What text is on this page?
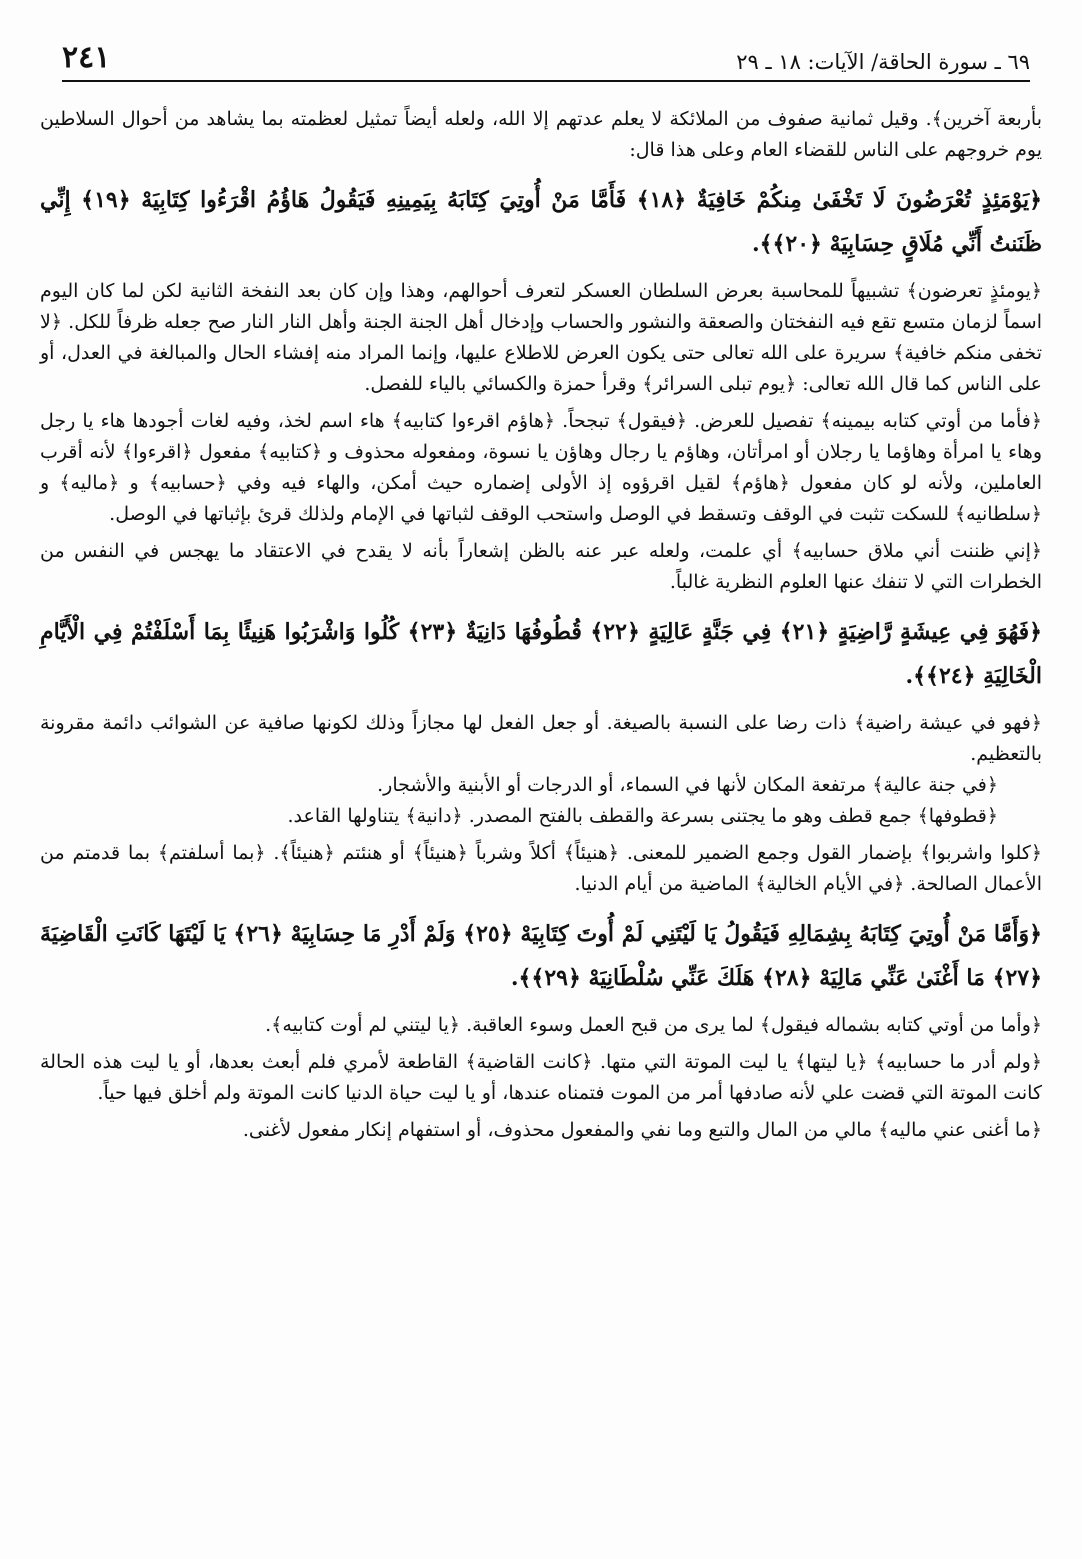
٦٩ ـ سورة الحاقة/ الآيات: ١٨ ـ ٢٩
٢٤١

بأربعة آخرين﴾. وقيل ثمانية صفوف من الملائكة لا يعلم عدتهم إلا الله، ولعله أيضاً تمثيل لعظمته بما يشاهد من أحوال السلاطين يوم خروجهم على الناس للقضاء العام وعلى هذا قال:

﴿يَوْمَئِذٍ تُعْرَضُونَ لَا تَخْفَىٰ مِنكُمْ خَافِيَةٌ ﴿١٨﴾ فَأَمَّا مَنْ أُوتِيَ كِتَابَهُ بِيَمِينِهِ فَيَقُولُ هَاؤُمُ اقْرَءُوا كِتَابِيَهْ ﴿١٩﴾ إِنِّي ظَنَنتُ أَنِّي مُلَاقٍ حِسَابِيَهْ ﴿٢٠﴾﴾.

﴿يومئذٍ تعرضون﴾ تشبيهاً للمحاسبة بعرض السلطان العسكر لتعرف أحوالهم، وهذا وإن كان بعد النفخة الثانية لكن لما كان اليوم اسماً لزمان متسع تقع فيه النفختان والصعقة والنشور والحساب وإدخال أهل الجنة الجنة وأهل النار النار صح جعله ظرفاً للكل. ﴿لا تخفى منكم خافية﴾ سريرة على الله تعالى حتى يكون العرض للاطلاع عليها، وإنما المراد منه إفشاء الحال والمبالغة في العدل، أو على الناس كما قال الله تعالى: ﴿يوم تبلى السرائر﴾ وقرأ حمزة والكسائي بالياء للفصل.

﴿فأما من أوتي كتابه بيمينه﴾ تفصيل للعرض. ﴿فيقول﴾ تبجحاً. ﴿هاؤم اقرءوا كتابيه﴾ هاء اسم لخذ، وفيه لغات أجودها هاء يا رجل وهاء يا امرأة وهاؤما يا رجلان أو امرأتان، وهاؤم يا رجال وهاؤن يا نسوة، ومفعوله محذوف و ﴿كتابيه﴾ مفعول ﴿اقرءوا﴾ لأنه أقرب العاملين، ولأنه لو كان مفعول ﴿هاؤم﴾ لقيل اقرؤوه إذ الأولى إضماره حيث أمكن، والهاء فيه وفي ﴿حسابيه﴾ و ﴿ماليه﴾ و ﴿سلطانيه﴾ للسكت تثبت في الوقف وتسقط في الوصل واستحب الوقف لثباتها في الإمام ولذلك قرئ بإثباتها في الوصل.

﴿إني ظننت أني ملاق حسابيه﴾ أي علمت، ولعله عبر عنه بالظن إشعاراً بأنه لا يقدح في الاعتقاد ما يهجس في النفس من الخطرات التي لا تنفك عنها العلوم النظرية غالباً.

﴿فَهُوَ فِي عِيشَةٍ رَّاضِيَةٍ ﴿٢١﴾ فِي جَنَّةٍ عَالِيَةٍ ﴿٢٢﴾ قُطُوفُهَا دَانِيَةٌ ﴿٢٣﴾ كُلُوا وَاشْرَبُوا هَنِيئًا بِمَا أَسْلَفْتُمْ فِي الْأَيَّامِ الْخَالِيَةِ ﴿٢٤﴾﴾.

﴿فهو في عيشة راضية﴾ ذات رضا على النسبة بالصيغة. أو جعل الفعل لها مجازاً وذلك لكونها صافية عن الشوائب دائمة مقرونة بالتعظيم.

﴿في جنة عالية﴾ مرتفعة المكان لأنها في السماء، أو الدرجات أو الأبنية والأشجار.

﴿قطوفها﴾ جمع قطف وهو ما يجتنى بسرعة والقطف بالفتح المصدر. ﴿دانية﴾ يتناولها القاعد.

﴿كلوا واشربوا﴾ بإضمار القول وجمع الضمير للمعنى. ﴿هنيئاً﴾ أكلاً وشرباً ﴿هنيئاً﴾ أو هنئتم ﴿هنيئاً﴾. ﴿بما أسلفتم﴾ بما قدمتم من الأعمال الصالحة. ﴿في الأيام الخالية﴾ الماضية من أيام الدنيا.

﴿وَأَمَّا مَنْ أُوتِيَ كِتَابَهُ بِشِمَالِهِ فَيَقُولُ يَا لَيْتَنِي لَمْ أُوتَ كِتَابِيَهْ ﴿٢٥﴾ وَلَمْ أَدْرِ مَا حِسَابِيَهْ ﴿٢٦﴾ يَا لَيْتَهَا كَانَتِ الْقَاضِيَةَ ﴿٢٧﴾ مَا أَغْنَىٰ عَنِّي مَالِيَهْ ﴿٢٨﴾ هَلَكَ عَنِّي سُلْطَانِيَهْ ﴿٢٩﴾﴾.

﴿وأما من أوتي كتابه بشماله فيقول﴾ لما يرى من قبح العمل وسوء العاقبة. ﴿يا ليتني لم أوت كتابيه﴾.

﴿ولم أدر ما حسابيه﴾ ﴿يا ليتها﴾ يا ليت الموتة التي متها. ﴿كانت القاضية﴾ القاطعة لأمري فلم أبعث بعدها، أو يا ليت هذه الحالة كانت الموتة التي قضت علي لأنه صادفها أمر من الموت فتمناه عندها، أو يا ليت حياة الدنيا كانت الموتة ولم أخلق فيها حياً.

﴿ما أغنى عني ماليه﴾ مالي من المال والتبع وما نفي والمفعول محذوف، أو استفهام إنكار مفعول لأغنى.
